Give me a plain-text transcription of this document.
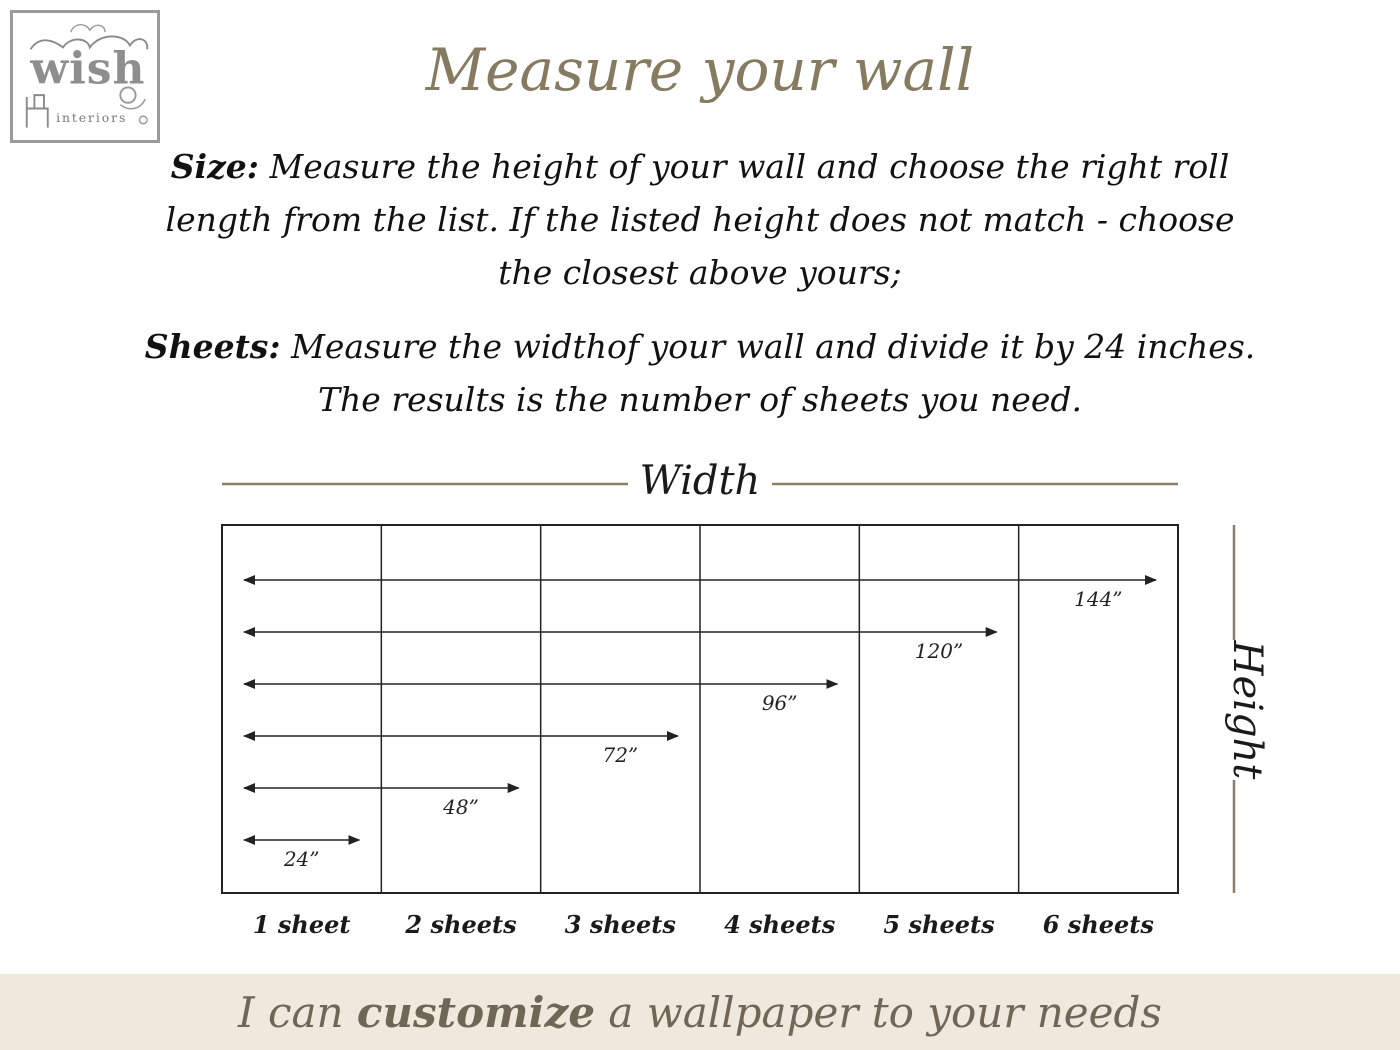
wish
interiors
Measure your wall

Size: Measure the height of your wall and choose the right roll length from the list. If the listed height does not match - choose the closest above yours;

Sheets: Measure the widthof your wall and divide it by 24 inches. The results is the number of sheets you need.

Width
Height
24”
48”
72”
96”
120”
144”
1 sheet 2 sheets 3 sheets 4 sheets 5 sheets 6 sheets
I can customize a wallpaper to your needs
